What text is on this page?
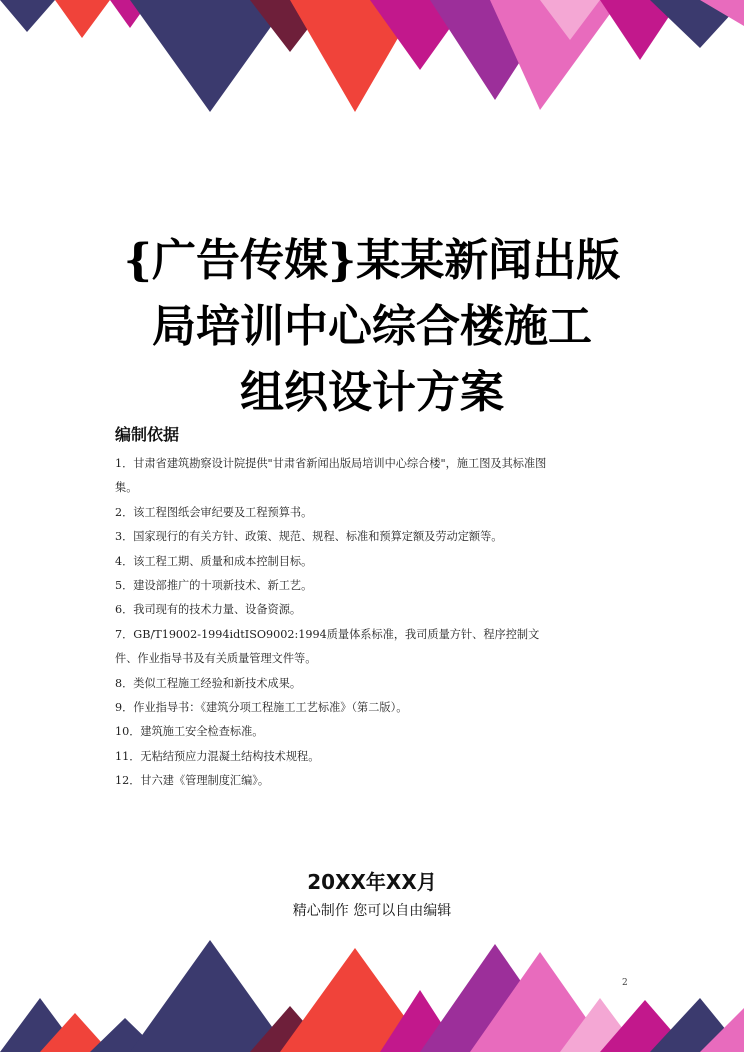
{广告传媒}某某新闻出版
局培训中心综合楼施工
组织设计方案
编制依据
1．甘肃省建筑勘察设计院提供"甘肃省新闻出版局培训中心综合楼"，施工图及其标准图集。
2．该工程图纸会审纪要及工程预算书。
3．国家现行的有关方针、政策、规范、规程、标准和预算定额及劳动定额等。
4．该工程工期、质量和成本控制目标。
5．建设部推广的十项新技术、新工艺。
6．我司现有的技术力量、设备资源。
7．GB/T19002-1994idtISO9002:1994质量体系标准，我司质量方针、程序控制文件、作业指导书及有关质量管理文件等。
8．类似工程施工经验和新技术成果。
9．作业指导书：《建筑分项工程施工工艺标准》（第二版）。
10．建筑施工安全检查标准。
11．无粘结预应力混凝土结构技术规程。
12．甘六建《管理制度汇编》。
20XX年XX月
精心制作 您可以自由编辑
2
